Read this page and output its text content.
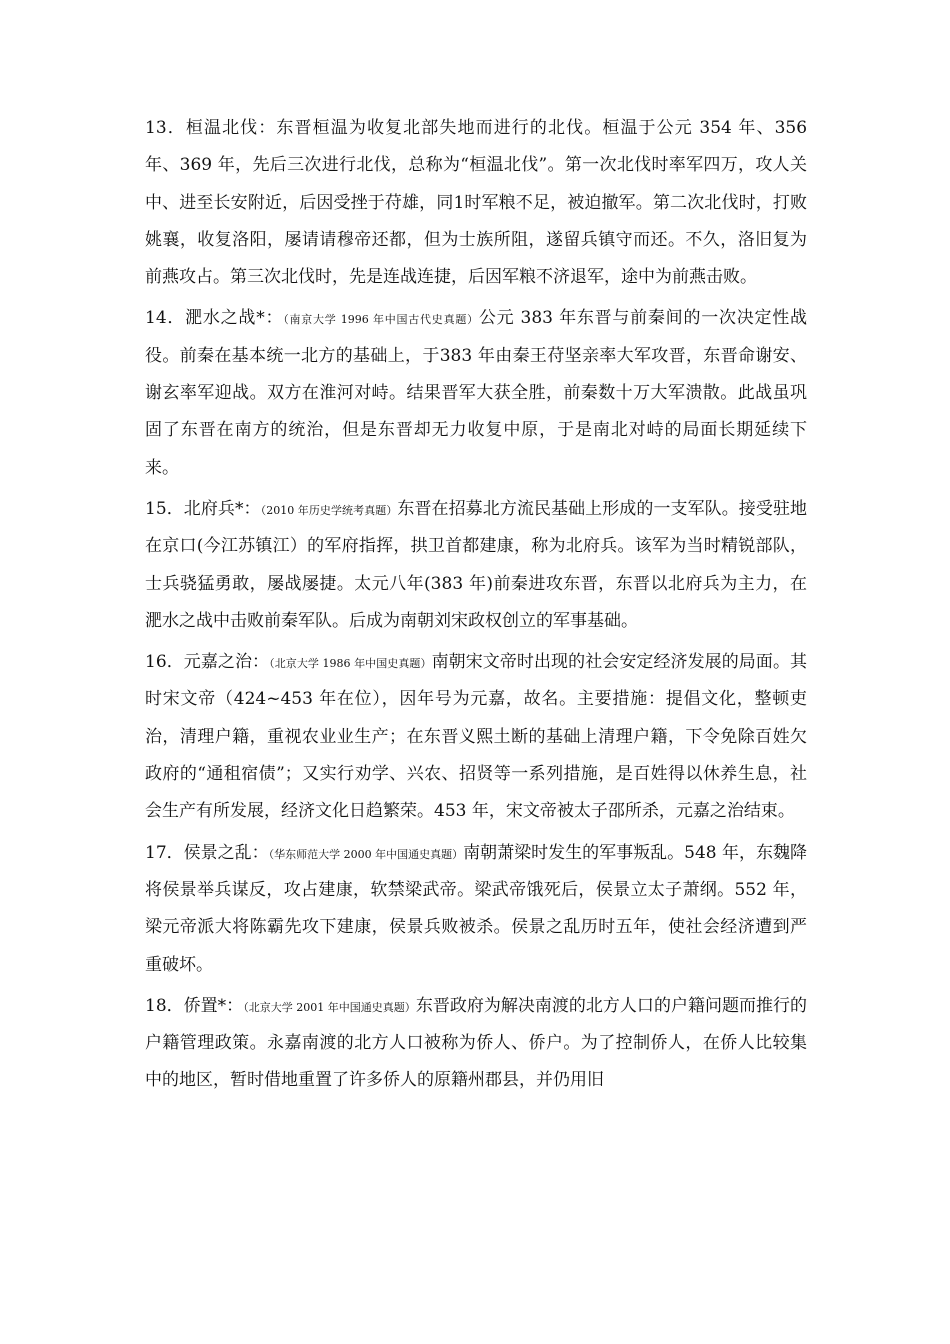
13．桓温北伐：东晋桓温为收复北部失地而进行的北伐。桓温于公元 354 年、356 年、369 年，先后三次进行北伐，总称为“桓温北伐”。第一次北伐时率军四万，攻人关中、进至长安附近，后因受挫于苻雄，同1时军粮不足，被迫撤军。第二次北伐时，打败姚襄，收复洛阳，屡请请穆帝还都，但为士族所阻，遂留兵镇守而还。不久，洛旧复为前燕攻占。第三次北伐时，先是连战连捷，后因军粮不济退军，途中为前燕击败。

14．淝水之战*：（南京大学 1996 年中国古代史真题）公元 383 年东晋与前秦间的一次决定性战役。前秦在基本统一北方的基础上，于383 年由秦王苻坚亲率大军攻晋，东晋命谢安、谢玄率军迎战。双方在淮河对峙。结果晋军大获全胜，前秦数十万大军溃散。此战虽巩固了东晋在南方的统治，但是东晋却无力收复中原，于是南北对峙的局面长期延续下来。

15．北府兵*：（2010 年历史学统考真题）东晋在招募北方流民基础上形成的一支军队。接受驻地在京口(今江苏镇江）的军府指挥，拱卫首都建康，称为北府兵。该军为当时精锐部队，士兵骁猛勇敢，屡战屡捷。太元八年(383 年)前秦进攻东晋，东晋以北府兵为主力，在淝水之战中击败前秦军队。后成为南朝刘宋政权创立的军事基础。

16．元嘉之治：（北京大学 1986 年中国史真题）南朝宋文帝时出现的社会安定经济发展的局面。其时宋文帝（424~453 年在位），因年号为元嘉，故名。主要措施：提倡文化，整顿吏治，清理户籍，重视农业业生产；在东晋义熙土断的基础上清理户籍，下令免除百姓欠政府的“通租宿债”；又实行劝学、兴农、招贤等一系列措施，是百姓得以休养生息，社会生产有所发展，经济文化日趋繁荣。453 年，宋文帝被太子邵所杀，元嘉之治结束。

17．侯景之乱：（华东师范大学 2000 年中国通史真题）南朝萧梁时发生的军事叛乱。548 年，东魏降将侯景举兵谋反，攻占建康，软禁梁武帝。梁武帝饿死后，侯景立太子萧纲。552 年，梁元帝派大将陈霸先攻下建康，侯景兵败被杀。侯景之乱历时五年，使社会经济遭到严重破坏。

18．侨置*：（北京大学 2001 年中国通史真题）东晋政府为解决南渡的北方人口的户籍问题而推行的户籍管理政策。永嘉南渡的北方人口被称为侨人、侨户。为了控制侨人，在侨人比较集中的地区，暂时借地重置了许多侨人的原籍州郡县，并仍用旧
